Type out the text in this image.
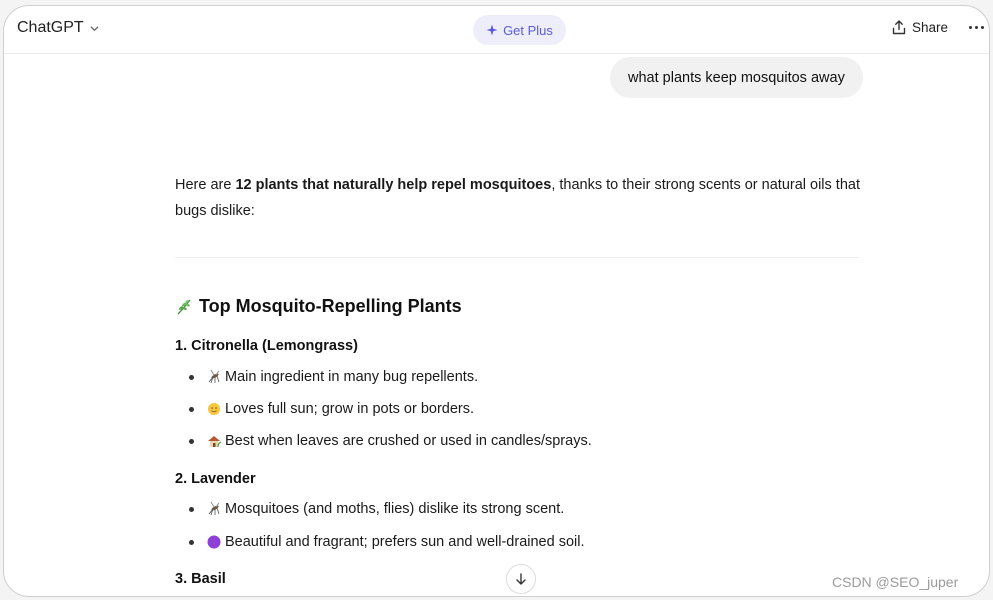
ChatGPT	Get Plus	Share
what plants keep mosquitos away

Here are 12 plants that naturally help repel mosquitoes, thanks to their strong scents or natural oils that bugs dislike:

Top Mosquito-Repelling Plants
1. Citronella (Lemongrass)
Main ingredient in many bug repellents.
Loves full sun; grow in pots or borders.
Best when leaves are crushed or used in candles/sprays.
2. Lavender
Mosquitoes (and moths, flies) dislike its strong scent.
Beautiful and fragrant; prefers sun and well-drained soil.
3. Basil	CSDN @SEO_juper
